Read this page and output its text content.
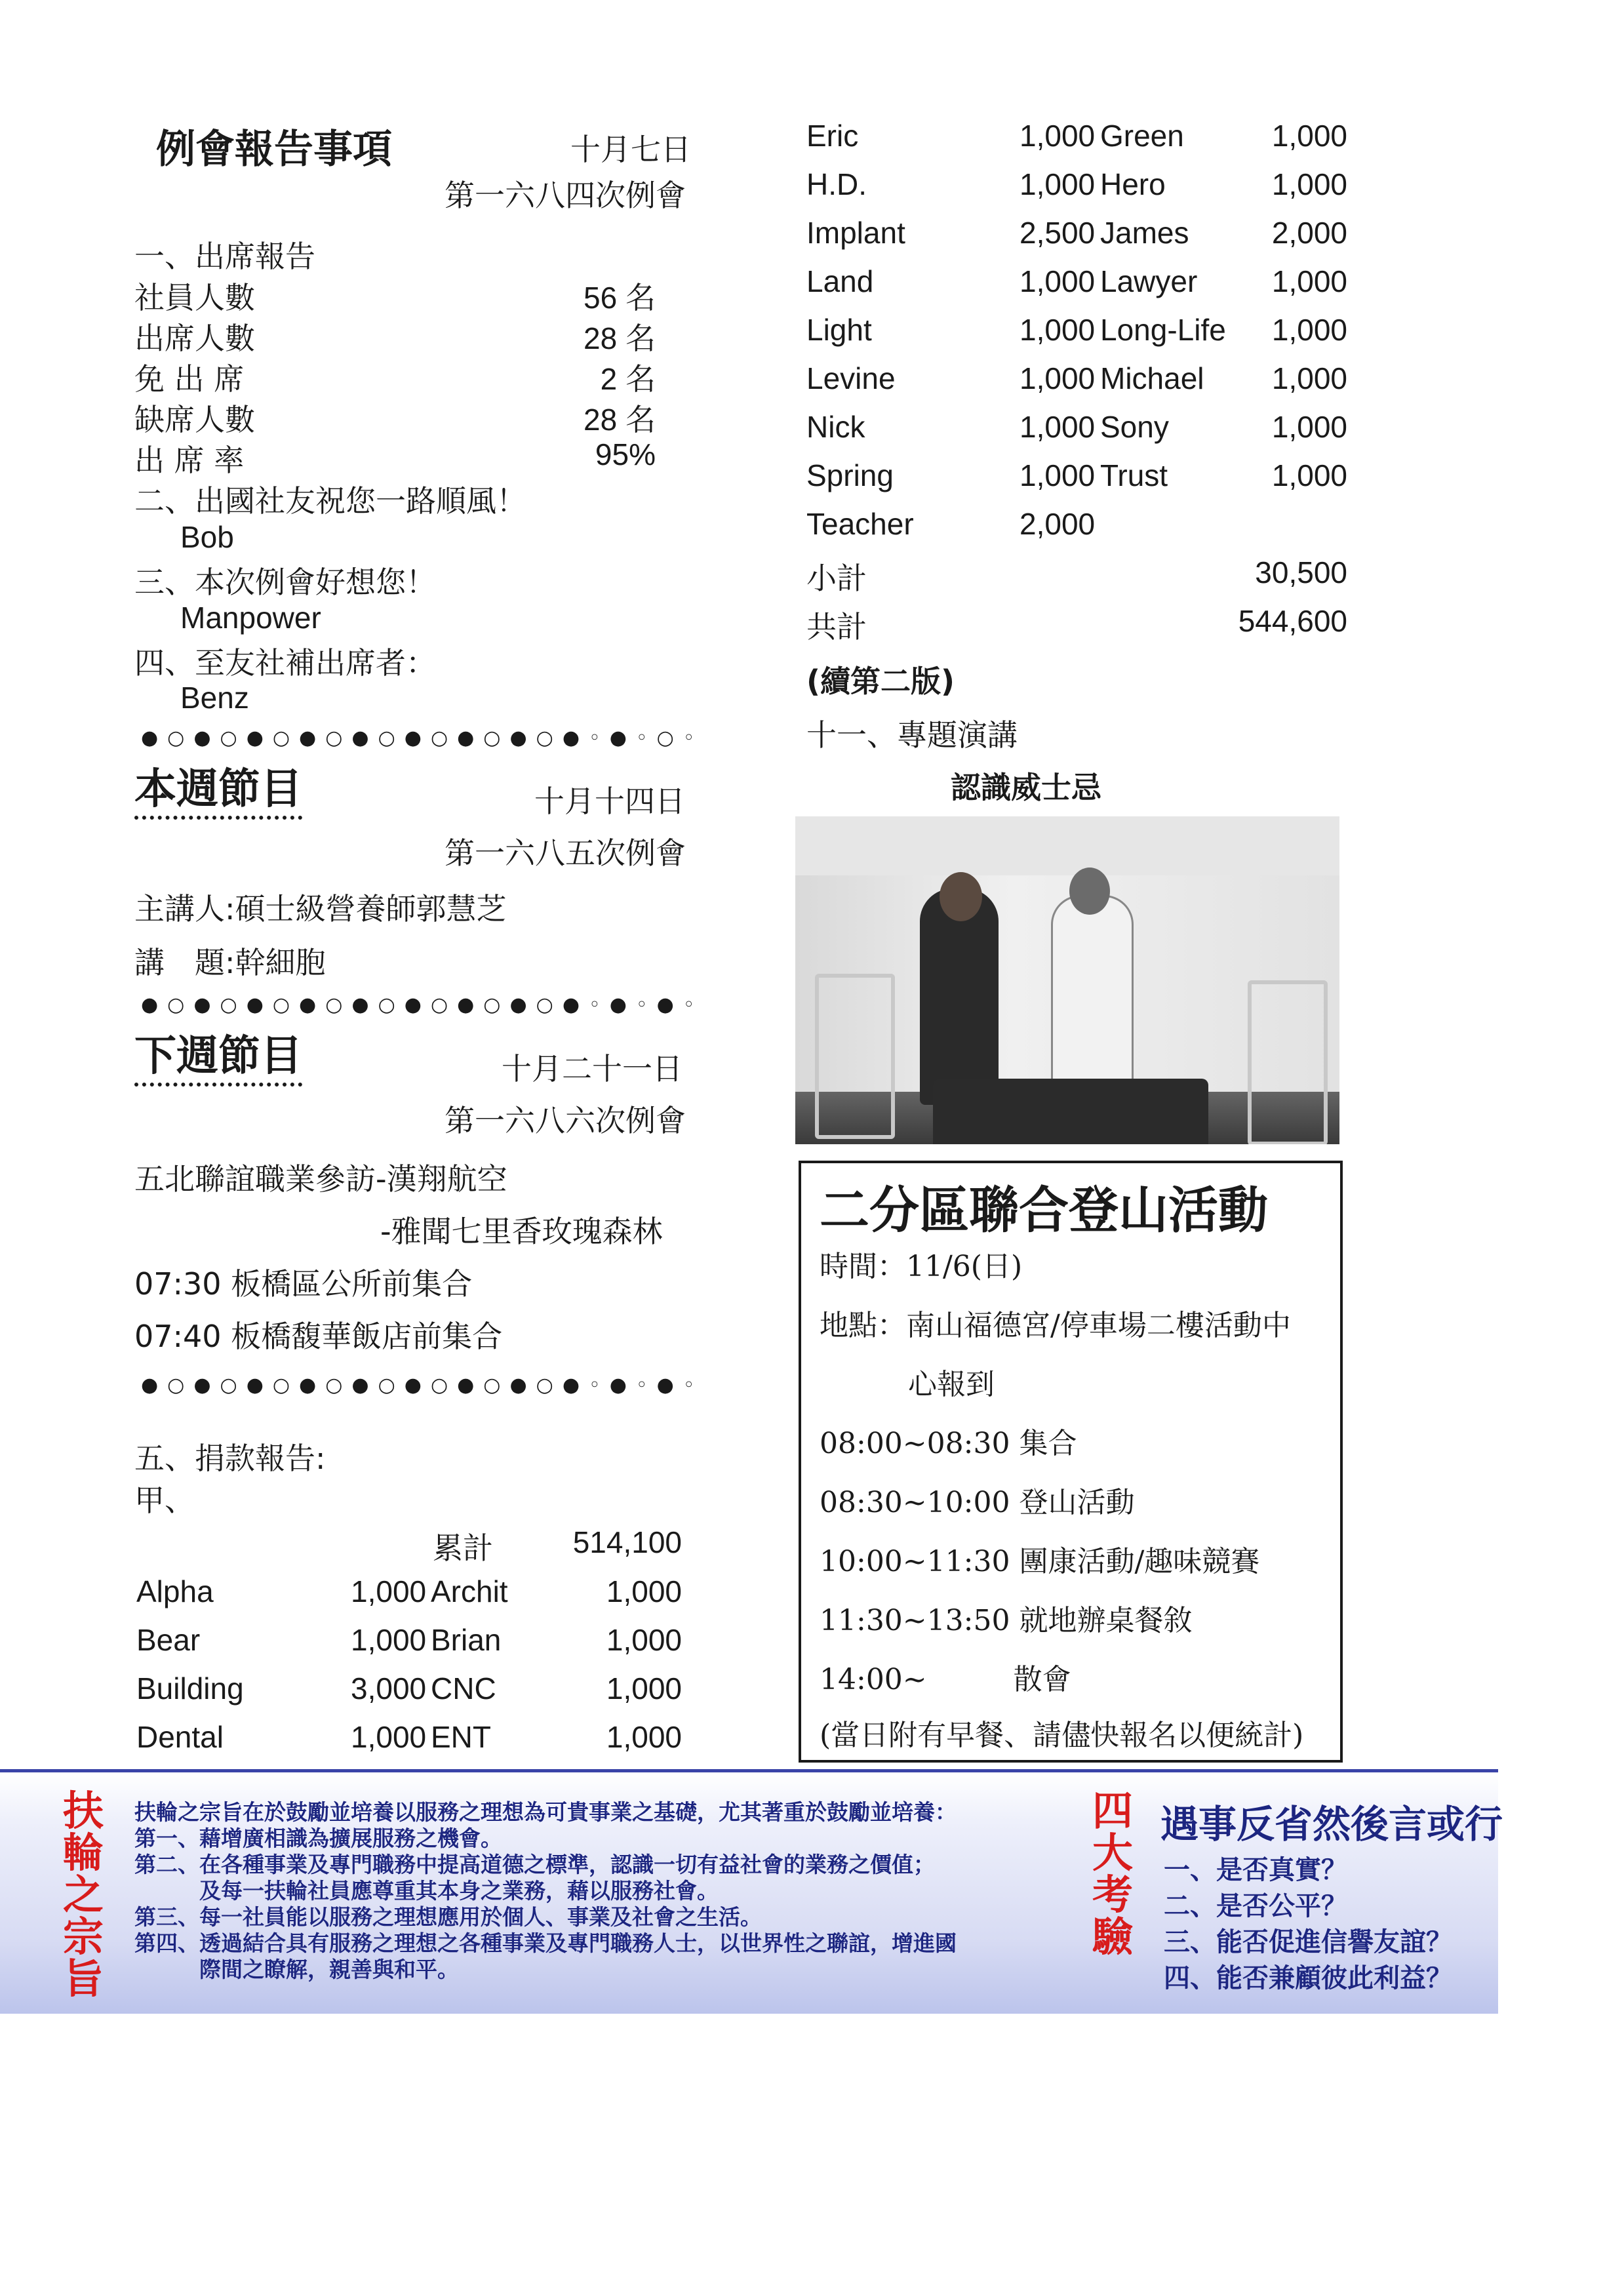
例會報告事項	十月七日
第一六八四次例會
一、出席報告
社員人數	56 名
出席人數	28 名
免 出 席	2 名
缺席人數	28 名
出 席 率	95%
二、出國社友祝您一路順風！
Bob
三、本次例會好想您！
Manpower
四、至友社補出席者：
Benz
●○●○●○●○●○●○●○●○●◦●◦○◦
本週節目	十月十四日
第一六八五次例會
主講人:碩士級營養師郭慧芝
講　題:幹細胞
●○●○●○●○●○●○●○●○●◦●◦●◦
下週節目	十月二十一日
第一六八六次例會
五北聯誼職業參訪-漢翔航空
-雅聞七里香玫瑰森林
07:30 板橋區公所前集合
07:40 板橋馥華飯店前集合
●○●○●○●○●○●○●○●○●◦●◦●◦
五、捐款報告:
甲、
累計	514,100
Alpha	1,000 Archit	1,000
Bear	1,000 Brian	1,000
Building	3,000 CNC	1,000
Dental	1,000 ENT	1,000
Eric	1,000 Green	1,000
H.D.	1,000 Hero	1,000
Implant	2,500 James	2,000
Land	1,000 Lawyer	1,000
Light	1,000 Long-Life	1,000
Levine	1,000 Michael	1,000
Nick	1,000 Sony	1,000
Spring	1,000 Trust	1,000
Teacher	2,000
小計	30,500
共計	544,600
(續第二版)
十一、專題演講
認識威士忌
二分區聯合登山活動
時間：11/6(日)
地點：南山福德宮/停車場二樓活動中
心報到
08:00~08:30 集合
08:30~10:00 登山活動
10:00~11:30 團康活動/趣味競賽
11:30~13:50 就地辦桌餐敘
14:00~　　　散會
(當日附有早餐、請儘快報名以便統計)
扶輪之宗旨
扶輪之宗旨在於鼓勵並培養以服務之理想為可貴事業之基礎，尤其著重於鼓勵並培養：
第一、藉增廣相識為擴展服務之機會。
第二、在各種事業及專門職務中提高道德之標準，認識一切有益社會的業務之價值；
　　　及每一扶輪社員應尊重其本身之業務，藉以服務社會。
第三、每一社員能以服務之理想應用於個人、事業及社會之生活。
第四、透過結合具有服務之理想之各種事業及專門職務人士，以世界性之聯誼，增進國
　　　際間之瞭解，親善與和平。
四大考驗
遇事反省然後言或行
一、是否真實？
二、是否公平？
三、能否促進信譽友誼？
四、能否兼顧彼此利益？
